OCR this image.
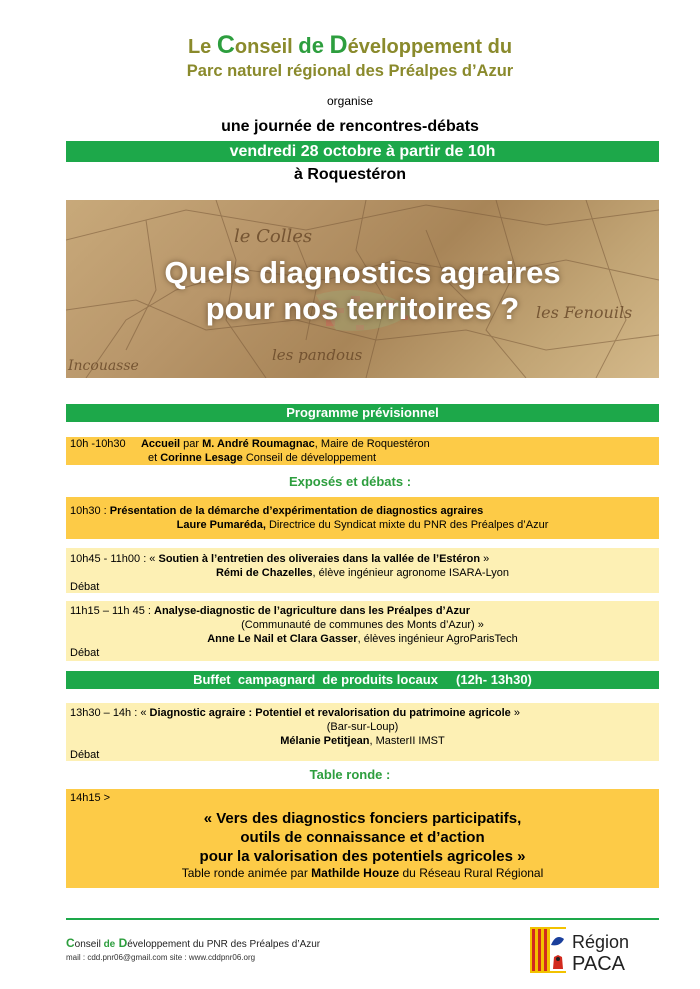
Le Conseil de Développement du
Parc naturel régional des Préalpes d’Azur
organise
une journée de rencontres-débats
vendredi 28 octobre à partir de 10h
à Roquestéron
le Colles
les Fenouils
les pandous
Incouasse
Quels diagnostics agraires
pour nos territoires ?
Programme prévisionnel
10h -10h30 Accueil par M. André Roumagnac, Maire de Roquestéron
et Corinne Lesage Conseil de développement
Exposés et débats :
10h30 : Présentation de la démarche d’expérimentation de diagnostics agraires
Laure Pumaréda, Directrice du Syndicat mixte du PNR des Préalpes d’Azur
10h45 - 11h00 : « Soutien à l’entretien des oliveraies dans la vallée de l’Estéron »
Rémi de Chazelles, élève ingénieur agronome ISARA-Lyon
Débat
11h15 – 11h 45 : Analyse-diagnostic de l’agriculture dans les Préalpes d’Azur
(Communauté de communes des Monts d’Azur) »
Anne Le Nail et Clara Gasser, élèves ingénieur AgroParisTech
Débat
Buffet  campagnard  de produits locaux     (12h- 13h30)
13h30 – 14h : « Diagnostic agraire : Potentiel et revalorisation du patrimoine agricole »
(Bar-sur-Loup)
Mélanie Petitjean, MasterII IMST
Débat
Table ronde :
14h15 >
« Vers des diagnostics fonciers participatifs,
outils de connaissance et d’action
pour la valorisation des potentiels agricoles »
Table ronde animée par Mathilde Houze du Réseau Rural Régional
Conseil de Développement du PNR des Préalpes d’Azur
mail : cdd.pnr06@gmail.com site : www.cddpnr06.org
Région
PACA
